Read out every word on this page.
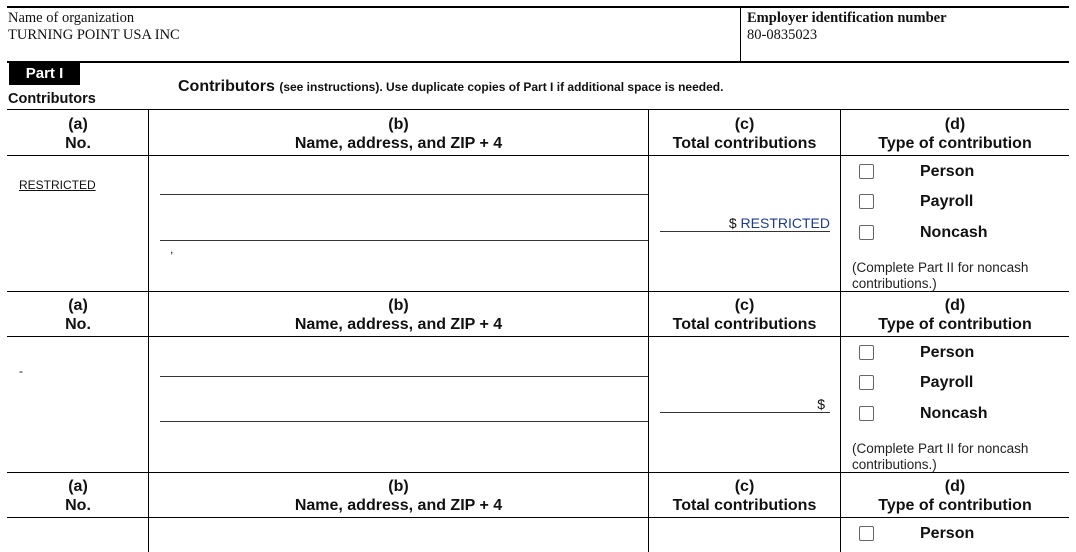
Name of organization
TURNING POINT USA INC
Employer identification number
80-0835023
Part I
Contributors (see instructions). Use duplicate copies of Part I if additional space is needed.
Contributors
(a)
No.
(b)
Name, address, and ZIP + 4
(c)
Total contributions
(d)
Type of contribution
RESTRICTED
,
$ RESTRICTED
Person
Payroll
Noncash
(Complete Part II for noncash contributions.)
(a)
No.
(b)
Name, address, and ZIP + 4
(c)
Total contributions
(d)
Type of contribution
-
$
Person
Payroll
Noncash
(Complete Part II for noncash contributions.)
(a)
No.
(b)
Name, address, and ZIP + 4
(c)
Total contributions
(d)
Type of contribution
Person
